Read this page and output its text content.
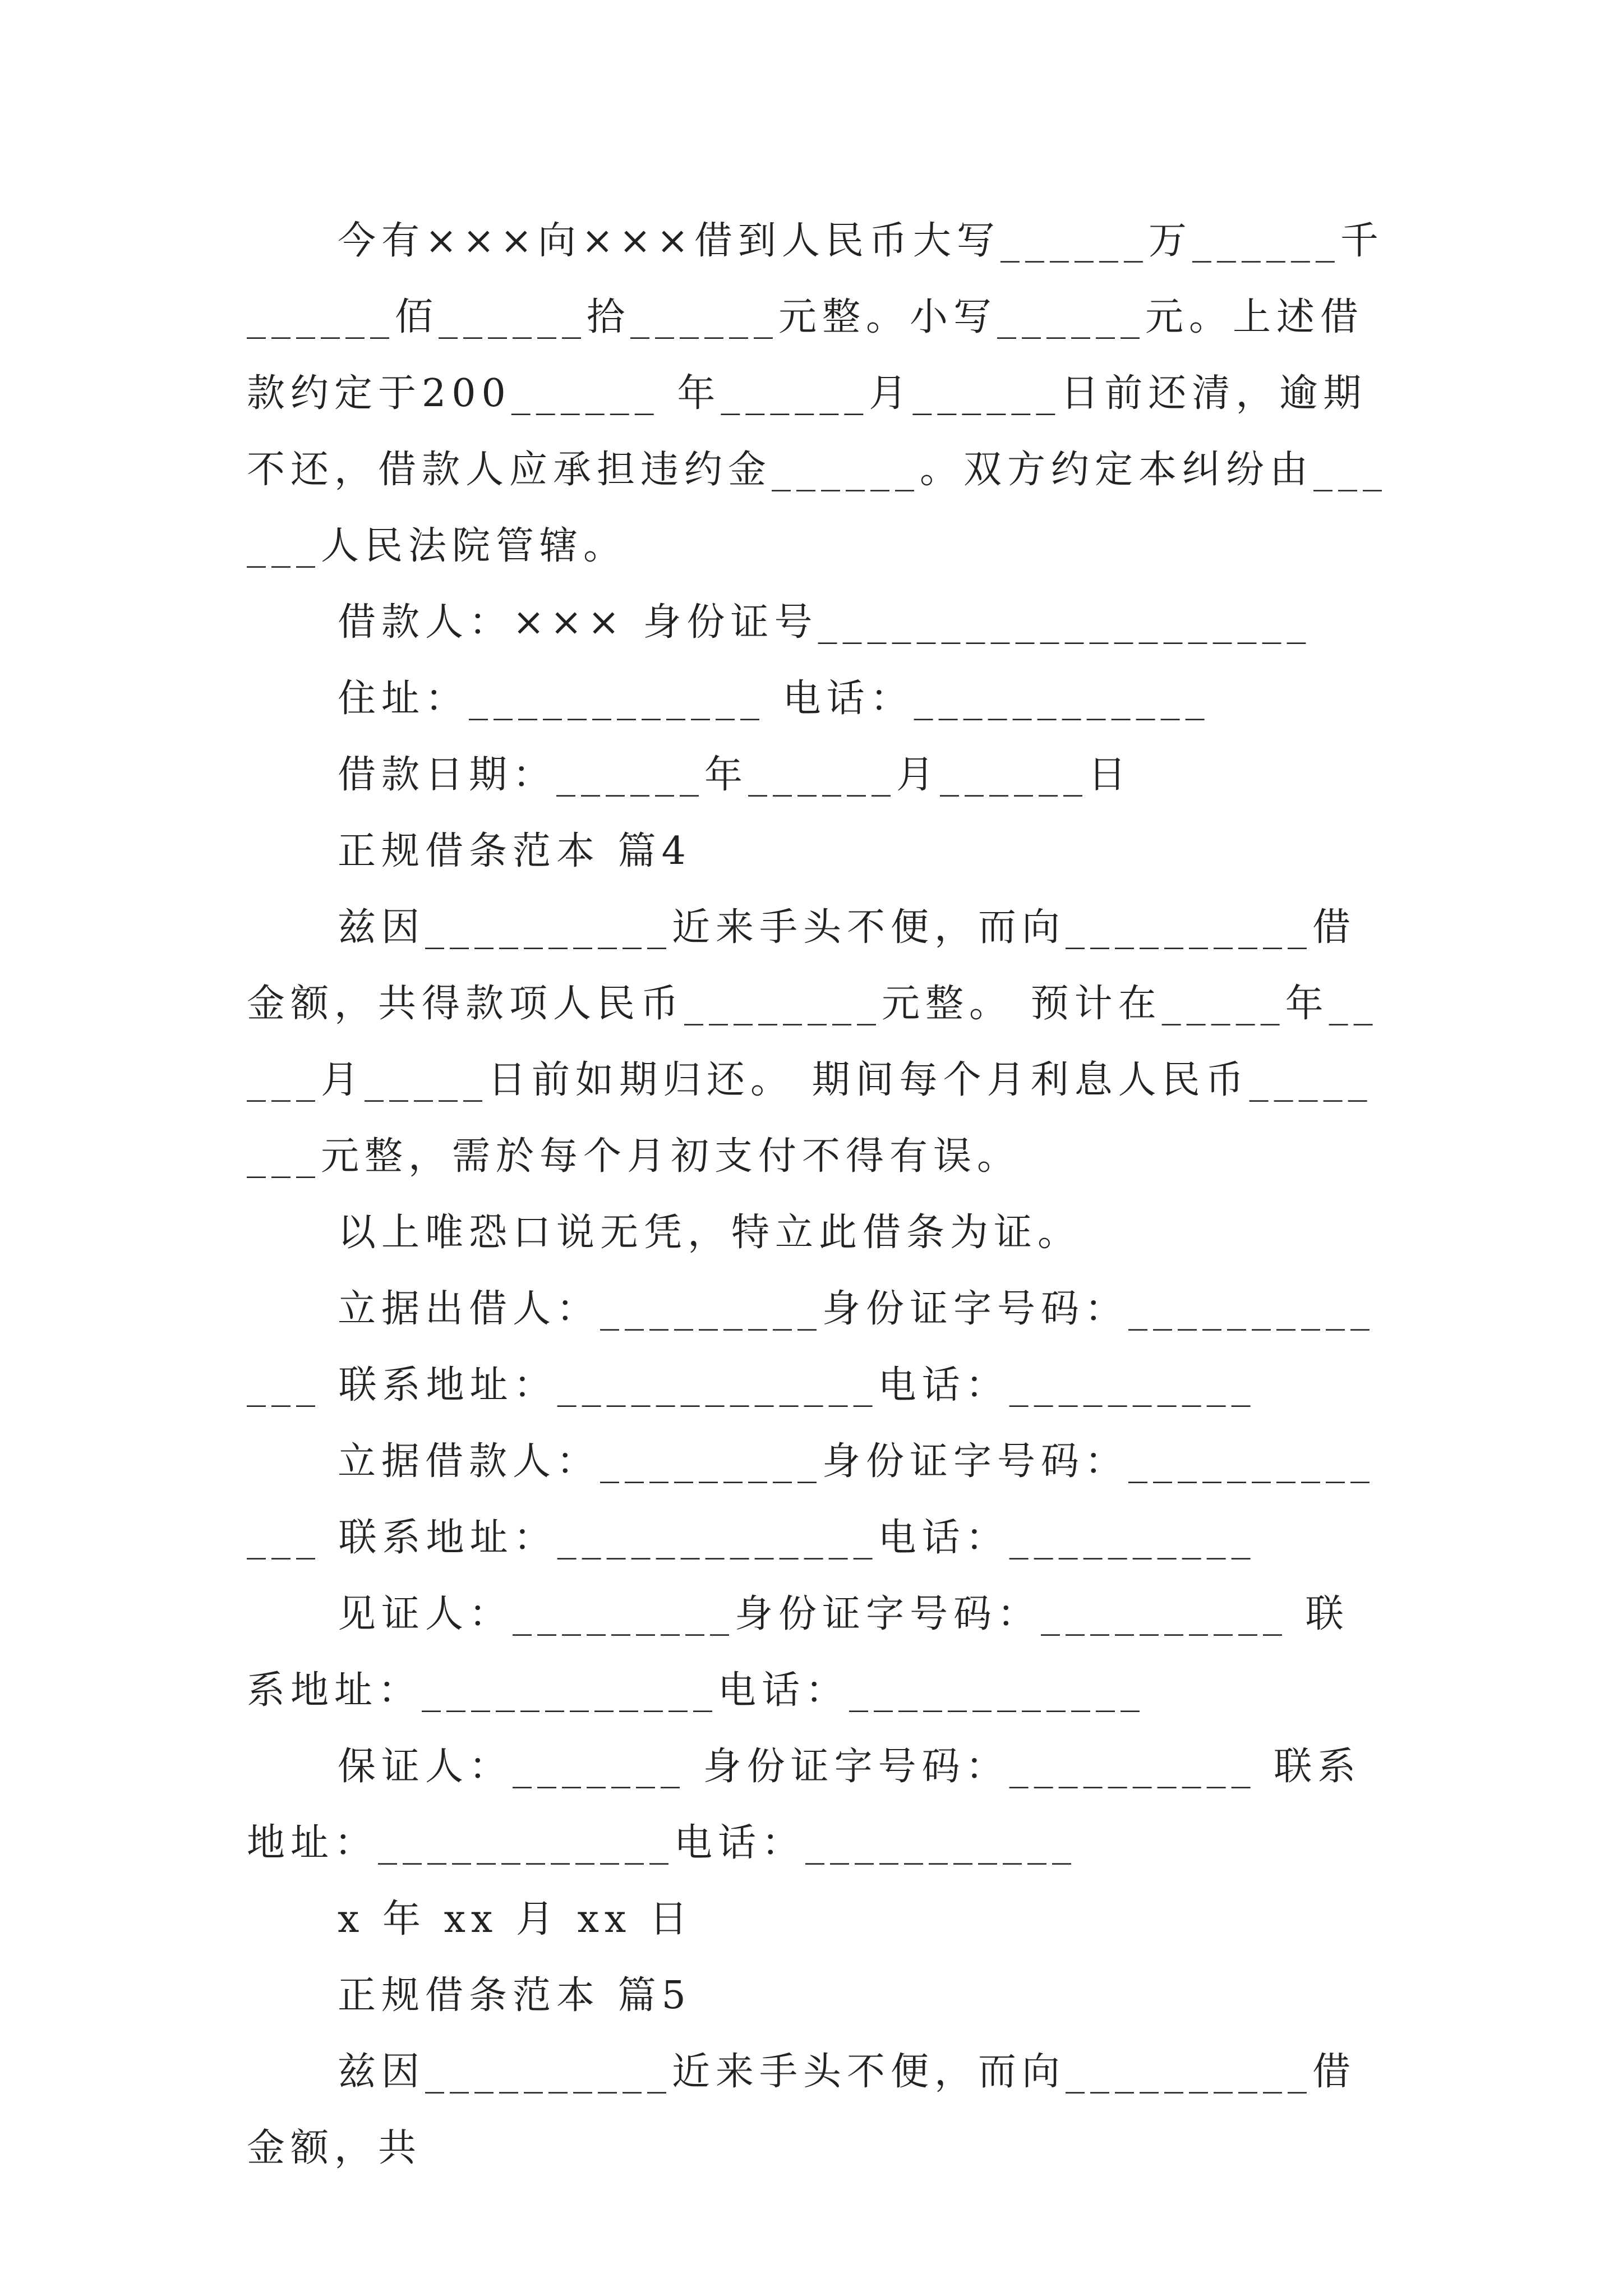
今有×××向×××借到人民币大写______万______千______佰______拾______元整。小写______元。上述借款约定于200______ 年______月______日前还清，逾期不还，借款人应承担违约金______。双方约定本纠纷由______人民法院管辖。

借款人：××× 身份证号____________________

住址：____________ 电话：____________

借款日期：______年______月______日

正规借条范本 篇4

兹因__________近来手头不便，而向__________借金额，共得款项人民币________元整。 预计在_____年_____月_____日前如期归还。 期间每个月利息人民币________元整，需於每个月初支付不得有误。

以上唯恐口说无凭，特立此借条为证。

立据出借人：_________身份证字号码：_____________ 联系地址：_____________电话：__________

立据借款人：_________身份证字号码：_____________ 联系地址：_____________电话：__________

见证人：_________身份证字号码：__________ 联系地址：____________电话：____________

保证人：_______ 身份证字号码：__________ 联系地址：____________电话：___________

x 年 xx 月 xx 日

正规借条范本 篇5

兹因__________近来手头不便，而向__________借金额，共
